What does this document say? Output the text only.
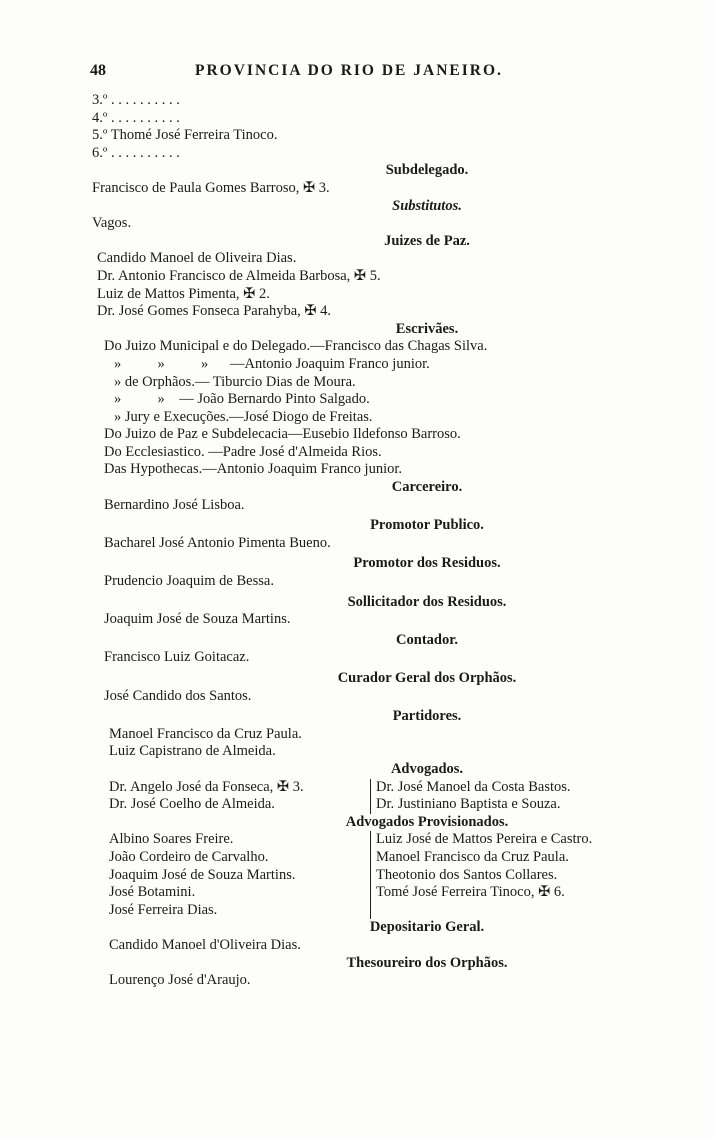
48	PROVINCIA DO RIO DE JANEIRO.
3.º . . . . . . . . . .
4.º . . . . . . . . . .
5.º Thomé José Ferreira Tinoco.
6.º . . . . . . . . . .
Subdelegado.
Francisco de Paula Gomes Barroso, ✠ 3.
Substitutos.
Vagos.
Juizes de Paz.
Candido Manoel de Oliveira Dias.
Dr. Antonio Francisco de Almeida Barbosa, ✠ 5.
Luiz de Mattos Pimenta, ✠ 2.
Dr. José Gomes Fonseca Parahyba, ✠ 4.
Escrivães.
Do Juizo Municipal e do Delegado.—Francisco das Chagas Silva.
»          »          »      —Antonio Joaquim Franco junior.
» de Orphãos.— Tiburcio Dias de Moura.
»          »    — João Bernardo Pinto Salgado.
» Jury e Execuções.—José Diogo de Freitas.
Do Juizo de Paz e Subdelecacia—Eusebio Ildefonso Barroso.
Do Ecclesiastico. —Padre José d'Almeida Rios.
Das Hypothecas.—Antonio Joaquim Franco junior.
Carcereiro.
Bernardino José Lisboa.
Promotor Publico.
Bacharel José Antonio Pimenta Bueno.
Promotor dos Residuos.
Prudencio Joaquim de Bessa.
Sollicitador dos Residuos.
Joaquim José de Souza Martins.
Contador.
Francisco Luiz Goitacaz.
Curador Geral dos Orphãos.
José Candido dos Santos.
Partidores.
Manoel Francisco da Cruz Paula.
Luiz Capistrano de Almeida.
Advogados.
Dr. Angelo José da Fonseca, ✠ 3.
Dr. José Coelho de Almeida.
Dr. José Manoel da Costa Bastos.
Dr. Justiniano Baptista e Souza.
Advogados Provisionados.
Albino Soares Freire.
João Cordeiro de Carvalho.
Joaquim José de Souza Martins.
José Botamini.
José Ferreira Dias.
Luiz José de Mattos Pereira e Castro.
Manoel Francisco da Cruz Paula.
Theotonio dos Santos Collares.
Tomé José Ferreira Tinoco, ✠ 6.
Depositario Geral.
Candido Manoel d'Oliveira Dias.
Thesoureiro dos Orphãos.
Lourenço José d'Araujo.
